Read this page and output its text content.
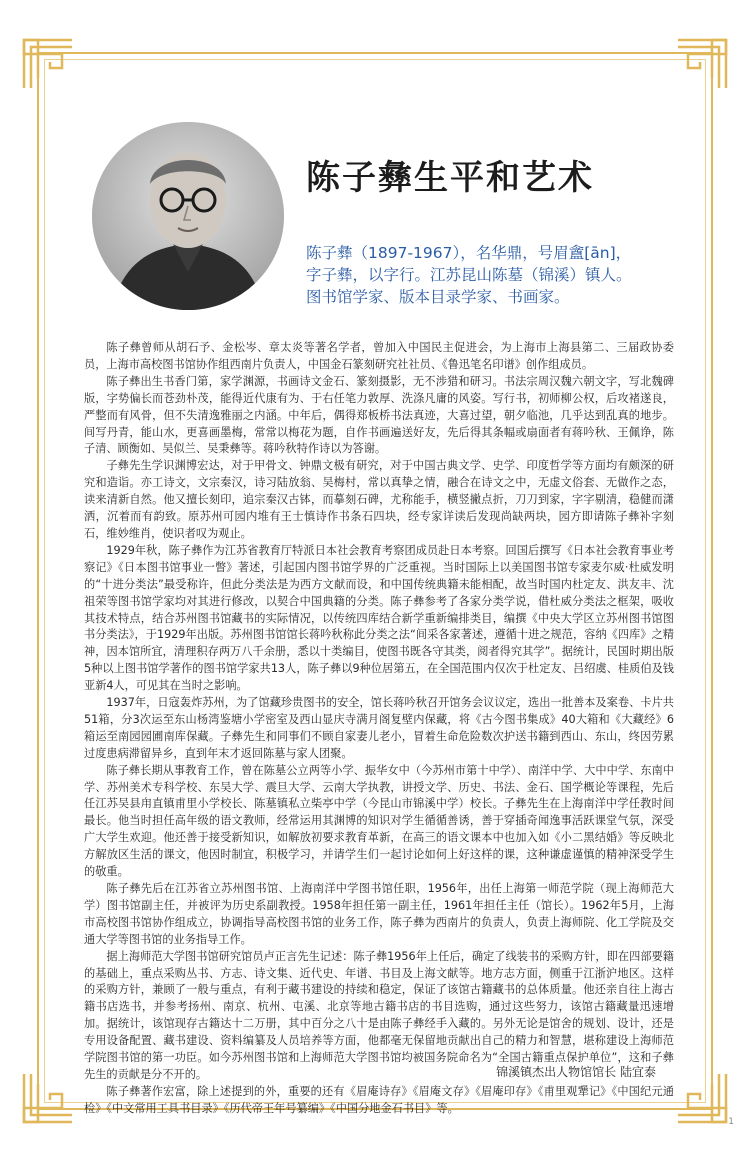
陈子彝生平和艺术
陈子彝（1897-1967），名华鼎，号眉盦[ān]，
字子彝，以字行。江苏昆山陈墓（锦溪）镇人。
图书馆学家、版本目录学家、书画家。

陈子彝曾师从胡石予、金松岑、章太炎等著名学者，曾加入中国民主促进会，为上海市上海县第二、三届政协委员，上海市高校图书馆协作组西南片负责人，中国金石篆刻研究社社员、《鲁迅笔名印谱》创作组成员。

陈子彝出生书香门第，家学渊源，书画诗文金石、篆刻摄影，无不涉猎和研习。书法宗周汉魏六朝文字，写北魏碑版，字势偏长而苍劲朴茂，能得近代康有为、于右任笔力敦厚、洗涤凡庸的风姿。写行书，初师柳公权，后攻褚遂良，严整而有风骨，但不失清逸雅丽之内涵。中年后，偶得郑板桥书法真迹，大喜过望，朝夕临池，几乎达到乱真的地步。间写丹青，能山水，更喜画墨梅，常常以梅花为题，自作书画遍送好友，先后得其条幅或扇面者有蒋吟秋、王佩诤，陈子清、顾衡如、吴似兰、吴秉彝等。蒋吟秋特作诗以为答谢。

子彝先生学识渊博宏达，对于甲骨文、钟鼎文极有研究，对于中国古典文学、史学、印度哲学等方面均有颇深的研究和造诣。亦工诗文，文宗秦汉，诗习陆放翁、吴梅村，常以真挚之情，融合在诗文之中，无虚文俗套、无做作之态，读来清新自然。他又擅长刻印，追宗秦汉古钵，而摹刻石碑，尤称能手，横竖撇点折，刀刀到家，字字剔清，稳健而潇洒，沉着而有韵致。原苏州可园内堆有王士慎诗作书条石四块，经专家详读后发现尚缺两块，园方即请陈子彝补字刻石，维妙维肖，使识者叹为观止。

1929年秋，陈子彝作为江苏省教育厅特派日本社会教育考察团成员赴日本考察。回国后撰写《日本社会教育事业考察记》《日本图书馆事业一瞥》著述，引起国内图书馆学界的广泛重视。当时国际上以美国图书馆专家麦尔威·杜威发明的“十进分类法”最受称许，但此分类法是为西方文献而设，和中国传统典籍未能相配，故当时国内杜定友、洪友丰、沈祖荣等图书馆学家均对其进行修改，以契合中国典籍的分类。陈子彝参考了各家分类学说，借杜威分类法之框架，吸收其技术特点，结合苏州图书馆藏书的实际情况，以传统四库结合新学重新编排类目，编撰《中央大学区立苏州图书馆图书分类法》，于1929年出版。苏州图书馆馆长蒋吟秋称此分类之法“间采各家著述，遵循十进之规范，容纳《四库》之精神，因本馆所宜，清理积存两万八千余册，悉以十类编目，使图书既各守其类，阅者得究其学”。据统计，民国时期出版5种以上图书馆学著作的图书馆学家共13人，陈子彝以9种位居第五，在全国范围内仅次于杜定友、吕绍虞、桂质伯及钱亚新4人，可见其在当时之影响。

1937年，日寇轰炸苏州，为了馆藏珍贵图书的安全，馆长蒋吟秋召开馆务会议议定，选出一批善本及案卷、卡片共51箱，分3次运至东山杨湾鉴塘小学密室及西山显庆寺满月阁复壁内保藏，将《古今图书集成》40大箱和《大藏经》6箱运至南园园圃南库保藏。子彝先生和同事们不顾自家妻儿老小，冒着生命危险数次护送书籍到西山、东山，终因劳累过度患病滞留异乡，直到年末才返回陈墓与家人团聚。

陈子彝长期从事教育工作，曾在陈墓公立两等小学、振华女中（今苏州市第十中学）、南洋中学、大中中学、东南中学、苏州美术专科学校、东吴大学、震旦大学、云南大学执教，讲授文学、历史、书法、金石、国学概论等课程，先后任江苏吴县甪直镇甫里小学校长、陈墓镇私立柴亭中学（今昆山市锦溪中学）校长。子彝先生在上海南洋中学任教时间最长。他当时担任高年级的语文教师，经常运用其渊博的知识对学生循循善诱，善于穿插奇闻逸事活跃课堂气氛，深受广大学生欢迎。他还善于接受新知识，如解放初要求教育革新，在高三的语文课本中也加入如《小二黑结婚》等反映北方解放区生活的课文，他因时制宜，积极学习，并请学生们一起讨论如何上好这样的课，这种谦虚谨慎的精神深受学生的敬重。

陈子彝先后在江苏省立苏州图书馆、上海南洋中学图书馆任职，1956年，出任上海第一师范学院（现上海师范大学）图书馆副主任，并被评为历史系副教授。1958年担任第一副主任，1961年担任主任（馆长）。1962年5月，上海市高校图书馆协作组成立，协调指导高校图书馆的业务工作，陈子彝为西南片的负责人，负责上海师院、化工学院及交通大学等图书馆的业务指导工作。

据上海师范大学图书馆研究馆员卢正言先生记述：陈子彝1956年上任后，确定了线装书的采购方针，即在四部要籍的基础上，重点采购丛书、方志、诗文集、近代史、年谱、书目及上海文献等。地方志方面，侧重于江浙沪地区。这样的采购方针，兼顾了一般与重点，有利于藏书建设的持续和稳定，保证了该馆古籍藏书的总体质量。他还亲自往上海古籍书店选书，并参考扬州、南京、杭州、屯溪、北京等地古籍书店的书目选购，通过这些努力，该馆古籍藏量迅速增加。据统计，该馆现存古籍达十二万册，其中百分之八十是由陈子彝经手入藏的。另外无论是馆舍的规划、设计，还是专用设备配置、藏书建设、资料编纂及人员培养等方面，他都毫无保留地贡献出自己的精力和智慧，堪称建设上海师范学院图书馆的第一功臣。如今苏州图书馆和上海师范大学图书馆均被国务院命名为“全国古籍重点保护单位”，这和子彝先生的贡献是分不开的。

陈子彝著作宏富，除上述提到的外，重要的还有《眉庵诗存》《眉庵文存》《眉庵印存》《甫里观犟记》《中国纪元通检》《中文常用工具书目录》《历代帝王年号纂编》《中国分地金石书目》等。

锦溪镇杰出人物馆馆长 陆宜泰
1
